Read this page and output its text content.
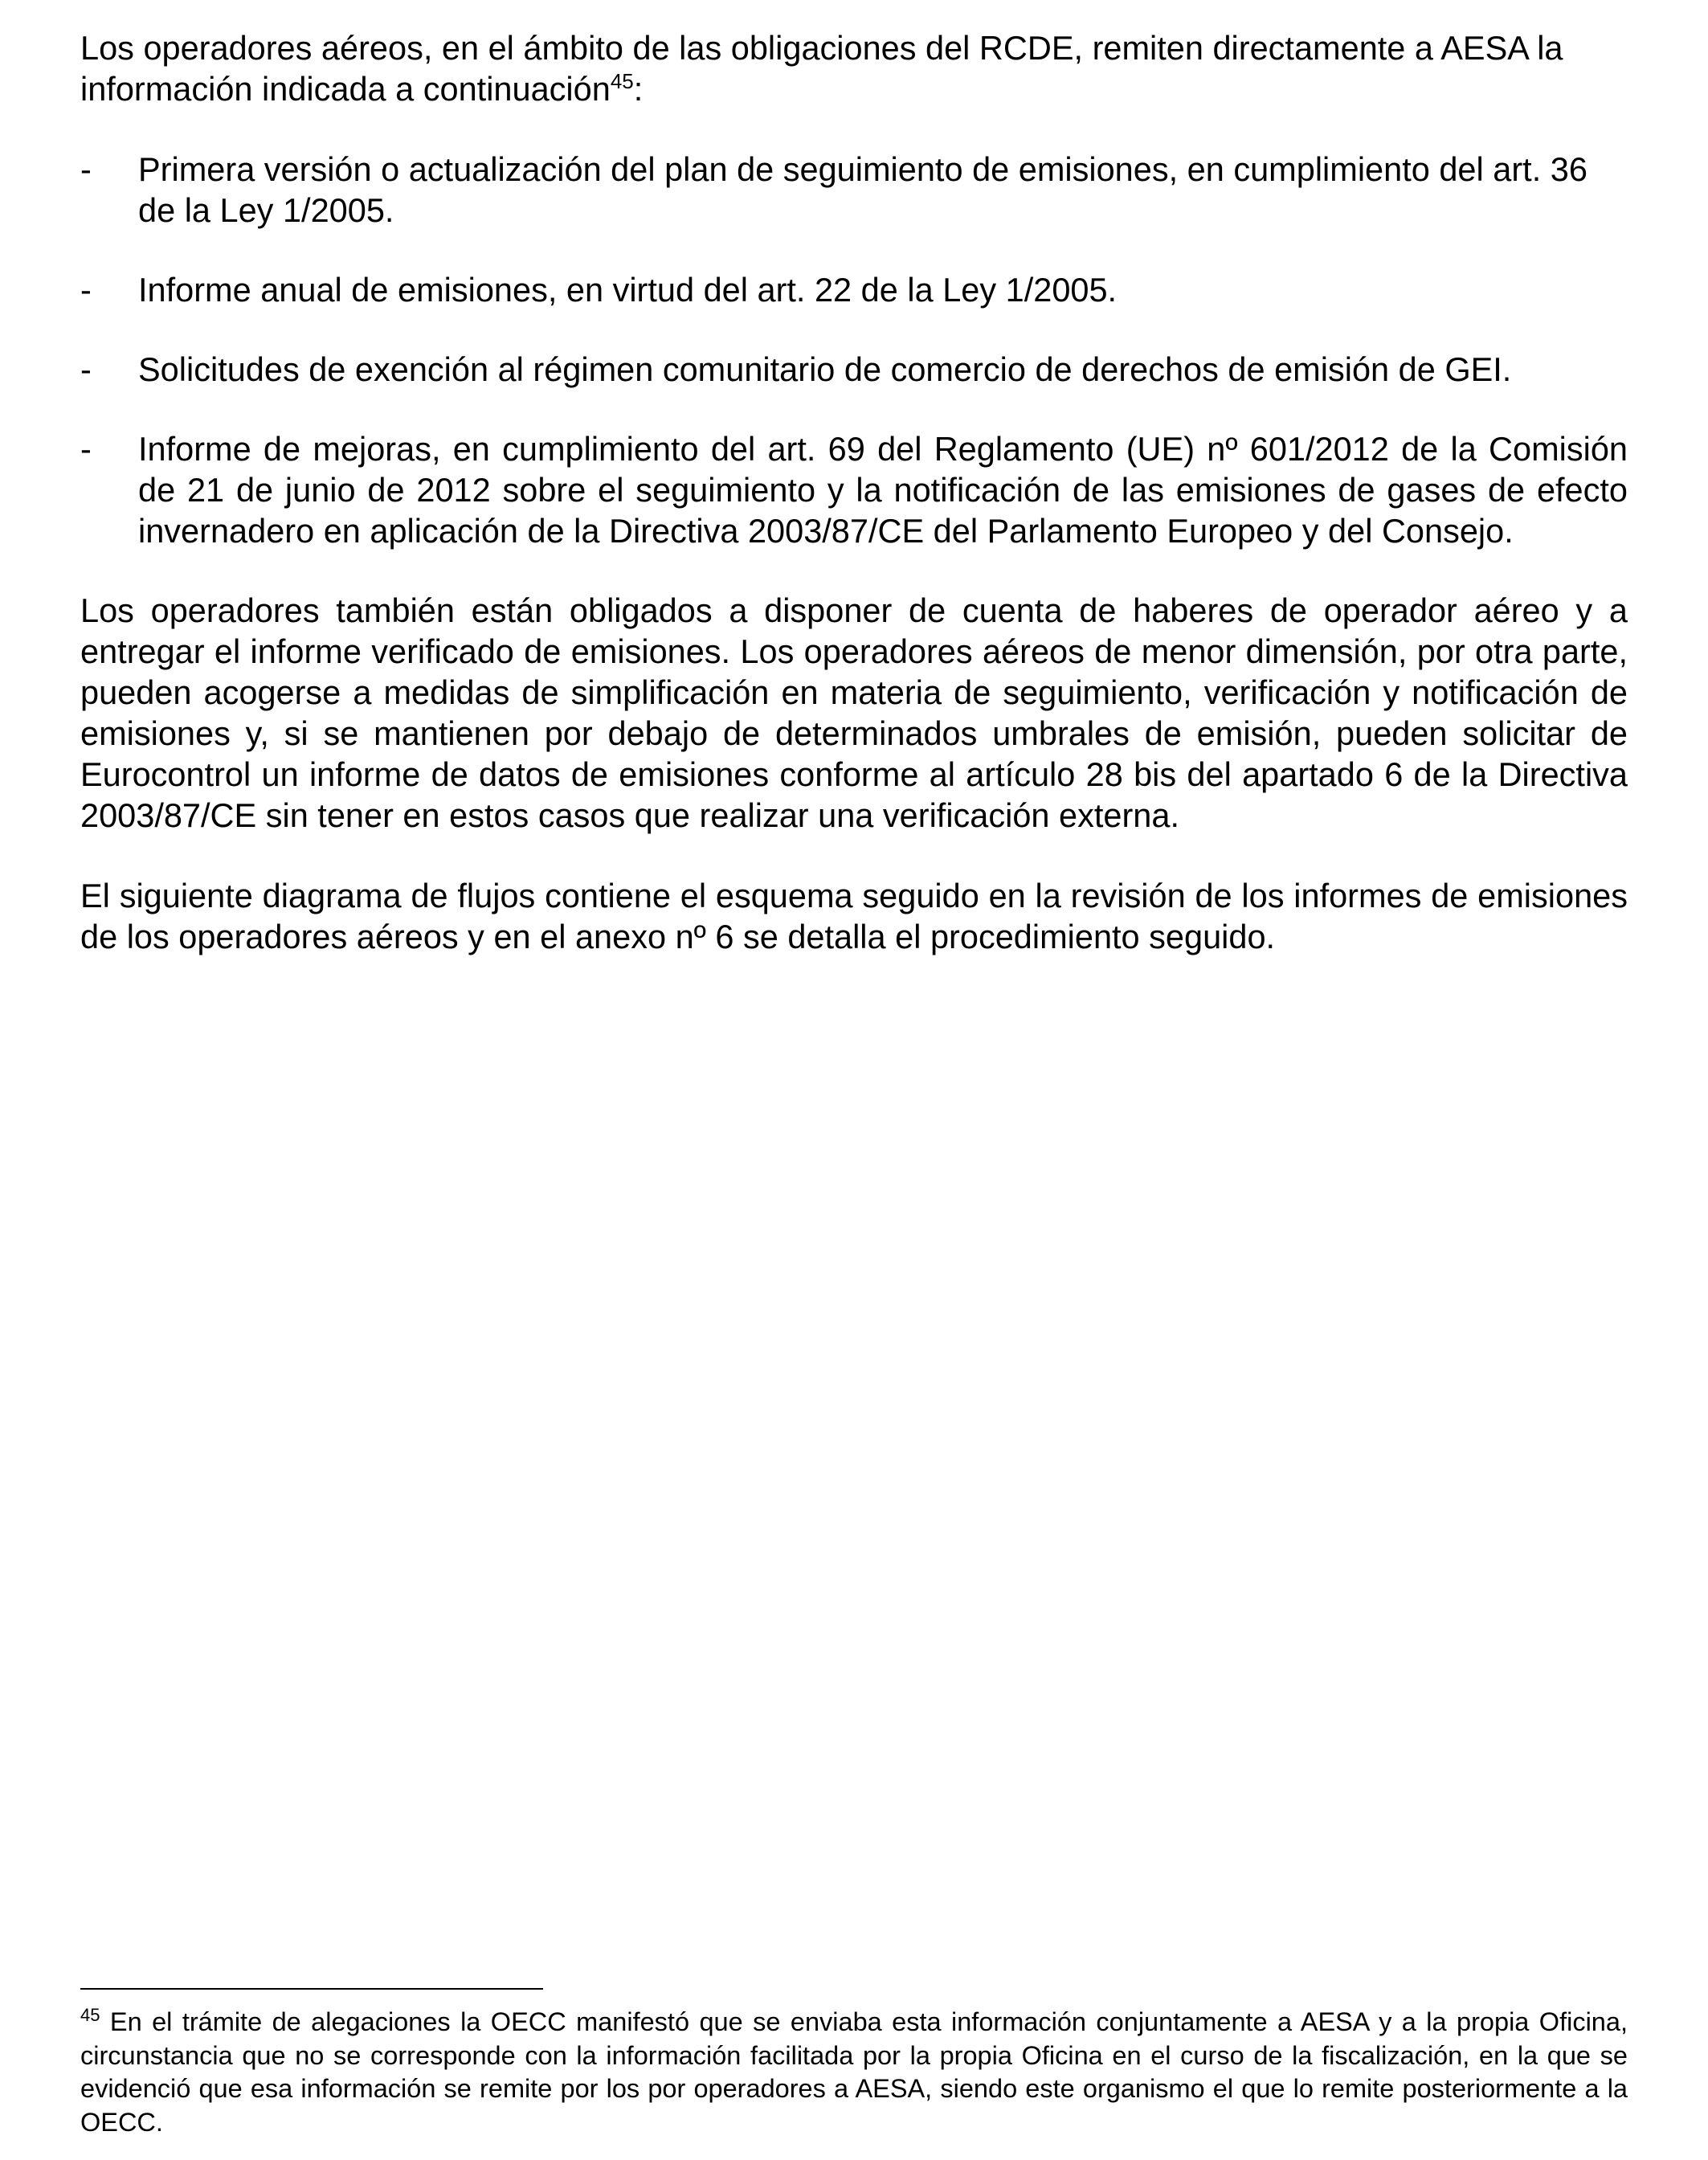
Los operadores aéreos, en el ámbito de las obligaciones del RCDE, remiten directamente a AESA la información indicada a continuación$^{45}$:

-	Primera versión o actualización del plan de seguimiento de emisiones, en cumplimiento del art. 36 de la Ley 1/2005.
-	Informe anual de emisiones, en virtud del art. 22 de la Ley 1/2005.
-	Solicitudes de exención al régimen comunitario de comercio de derechos de emisión de GEI.
-	Informe de mejoras, en cumplimiento del art. 69 del Reglamento (UE) nº 601/2012 de la Comisión de 21 de junio de 2012 sobre el seguimiento y la notificación de las emisiones de gases de efecto invernadero en aplicación de la Directiva 2003/87/CE del Parlamento Europeo y del Consejo.

Los operadores también están obligados a disponer de cuenta de haberes de operador aéreo y a entregar el informe verificado de emisiones. Los operadores aéreos de menor dimensión, por otra parte, pueden acogerse a medidas de simplificación en materia de seguimiento, verificación y notificación de emisiones y, si se mantienen por debajo de determinados umbrales de emisión, pueden solicitar de Eurocontrol un informe de datos de emisiones conforme al artículo 28 bis del apartado 6 de la Directiva 2003/87/CE sin tener en estos casos que realizar una verificación externa.

El siguiente diagrama de flujos contiene el esquema seguido en la revisión de los informes de emisiones de los operadores aéreos y en el anexo nº 6 se detalla el procedimiento seguido.

$^{45}$ En el trámite de alegaciones la OECC manifestó que se enviaba esta información conjuntamente a AESA y a la propia Oficina, circunstancia que no se corresponde con la información facilitada por la propia Oficina en el curso de la fiscalización, en la que se evidenció que esa información se remite por los por operadores a AESA, siendo este organismo el que lo remite posteriormente a la OECC.
